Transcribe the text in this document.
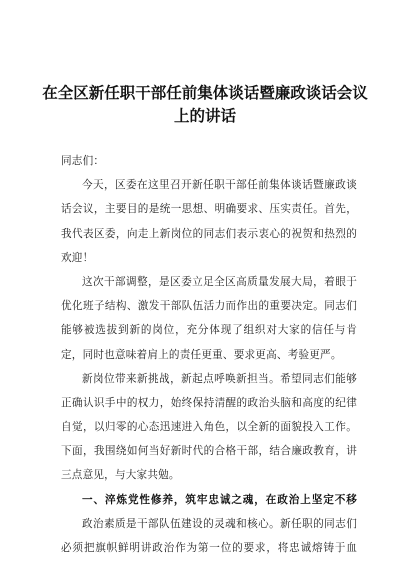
在全区新任职干部任前集体谈话暨廉政谈话会议
上的讲话
同志们：
今天，区委在这里召开新任职干部任前集体谈话暨廉政谈
话会议，主要目的是统一思想、明确要求、压实责任。首先，
我代表区委，向走上新岗位的同志们表示衷心的祝贺和热烈的
欢迎！
这次干部调整，是区委立足全区高质量发展大局，着眼于
优化班子结构、激发干部队伍活力而作出的重要决定。同志们
能够被选拔到新的岗位，充分体现了组织对大家的信任与肯
定，同时也意味着肩上的责任更重、要求更高、考验更严。
新岗位带来新挑战，新起点呼唤新担当。希望同志们能够
正确认识手中的权力，始终保持清醒的政治头脑和高度的纪律
自觉，以归零的心态迅速进入角色，以全新的面貌投入工作。
下面，我围绕如何当好新时代的合格干部，结合廉政教育，讲
三点意见，与大家共勉。
一、淬炼党性修养，筑牢忠诚之魂，在政治上坚定不移
政治素质是干部队伍建设的灵魂和核心。新任职的同志们
必须把旗帜鲜明讲政治作为第一位的要求，将忠诚熔铸于血
